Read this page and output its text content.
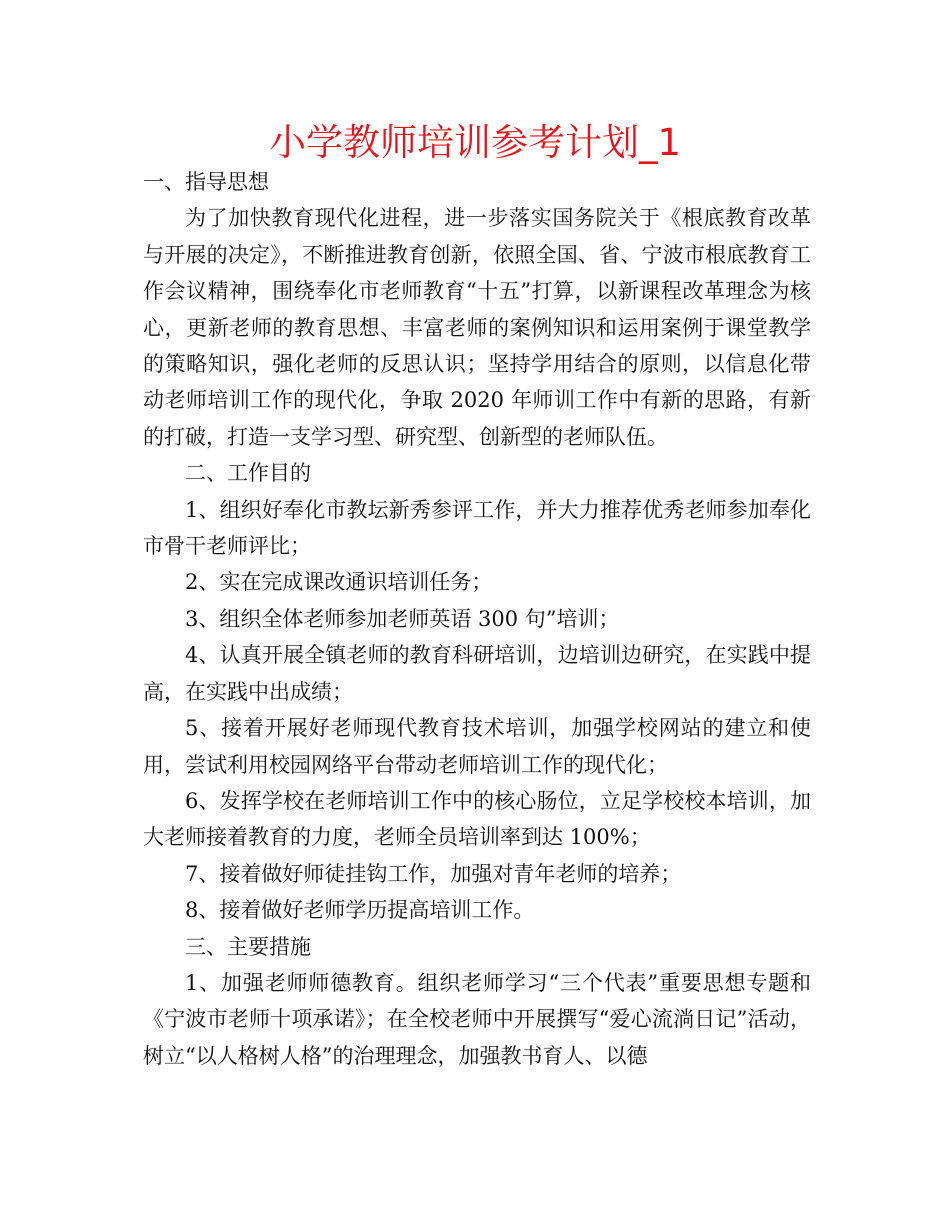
小学教师培训参考计划_1

一、指导思想

为了加快教育现代化进程，进一步落实国务院关于《根底教育改革与开展的决定》，不断推进教育创新，依照全国、省、宁波市根底教育工作会议精神，围绕奉化市老师教育“十五”打算，以新课程改革理念为核心，更新老师的教育思想、丰富老师的案例知识和运用案例于课堂教学的策略知识，强化老师的反思认识；坚持学用结合的原则，以信息化带动老师培训工作的现代化，争取 2020 年师训工作中有新的思路，有新的打破，打造一支学习型、研究型、创新型的老师队伍。

二、工作目的

1、组织好奉化市教坛新秀参评工作，并大力推荐优秀老师参加奉化市骨干老师评比；

2、实在完成课改通识培训任务；

3、组织全体老师参加老师英语 300 句”培训；

4、认真开展全镇老师的教育科研培训，边培训边研究，在实践中提高，在实践中出成绩；

5、接着开展好老师现代教育技术培训，加强学校网站的建立和使用，尝试利用校园网络平台带动老师培训工作的现代化；

6、发挥学校在老师培训工作中的核心肠位，立足学校校本培训，加大老师接着教育的力度，老师全员培训率到达 100%；

7、接着做好师徒挂钩工作，加强对青年老师的培养；

8、接着做好老师学历提高培训工作。

三、主要措施

1、加强老师师德教育。组织老师学习“三个代表”重要思想专题和《宁波市老师十项承诺》；在全校老师中开展撰写“爱心流淌日记”活动，树立“以人格树人格”的治理理念，加强教书育人、以德
